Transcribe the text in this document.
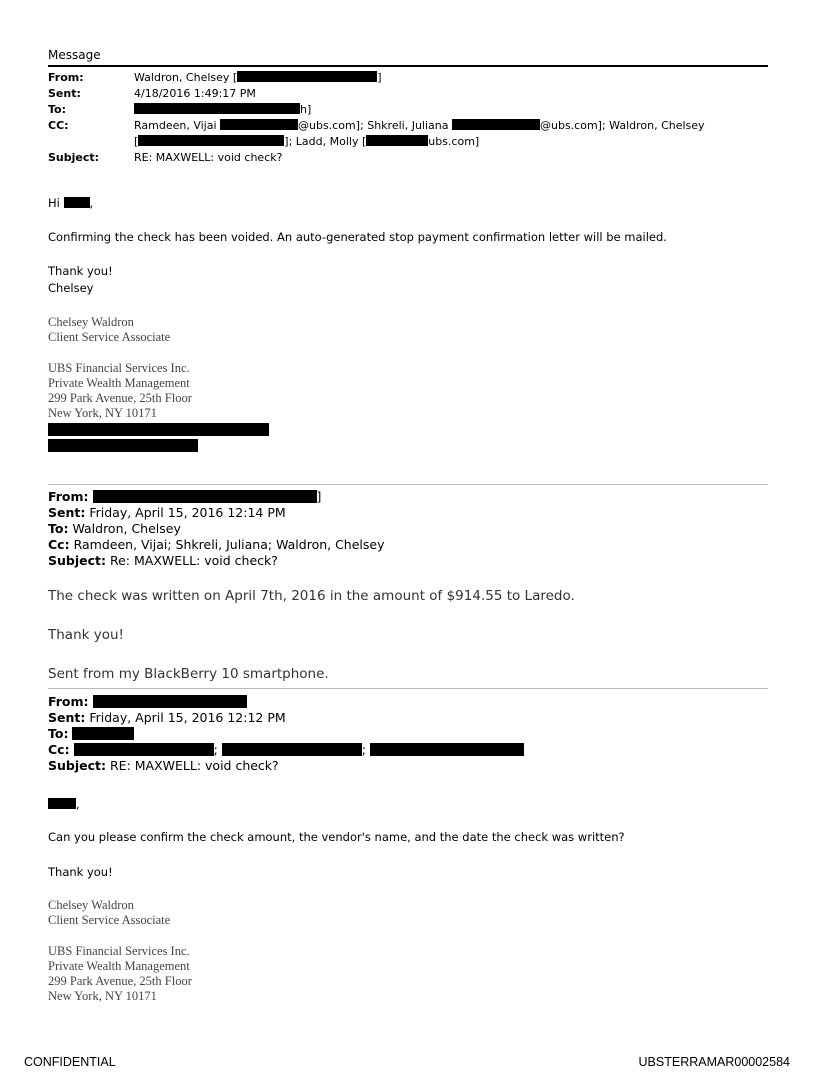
Message
From:	Waldron, Chelsey [	]
Sent:	4/18/2016 1:49:17 PM
To:	h]
CC:	Ramdeen, Vijai	@ubs.com]; Shkreli, Juliana	@ubs.com]; Waldron, Chelsey
[	]; Ladd, Molly [	ubs.com]
Subject:	RE: MAXWELL: void check?
Hi	,
Confirming the check has been voided. An auto-generated stop payment confirmation letter will be mailed.
Thank you!
Chelsey
Chelsey Waldron
Client Service Associate
UBS Financial Services Inc.
Private Wealth Management
299 Park Avenue, 25th Floor
New York, NY 10171
From:	]
Sent: Friday, April 15, 2016 12:14 PM
To: Waldron, Chelsey
Cc: Ramdeen, Vijai; Shkreli, Juliana; Waldron, Chelsey
Subject: Re: MAXWELL: void check?
The check was written on April 7th, 2016 in the amount of $914.55 to Laredo.
Thank you!
Sent from my BlackBerry 10 smartphone.
From:
Sent: Friday, April 15, 2016 12:12 PM
To:
Cc:	;	;
Subject: RE: MAXWELL: void check?
,
Can you please confirm the check amount, the vendor's name, and the date the check was written?
Thank you!
Chelsey Waldron
Client Service Associate
UBS Financial Services Inc.
Private Wealth Management
299 Park Avenue, 25th Floor
New York, NY 10171
CONFIDENTIAL	UBSTERRAMAR00002584
